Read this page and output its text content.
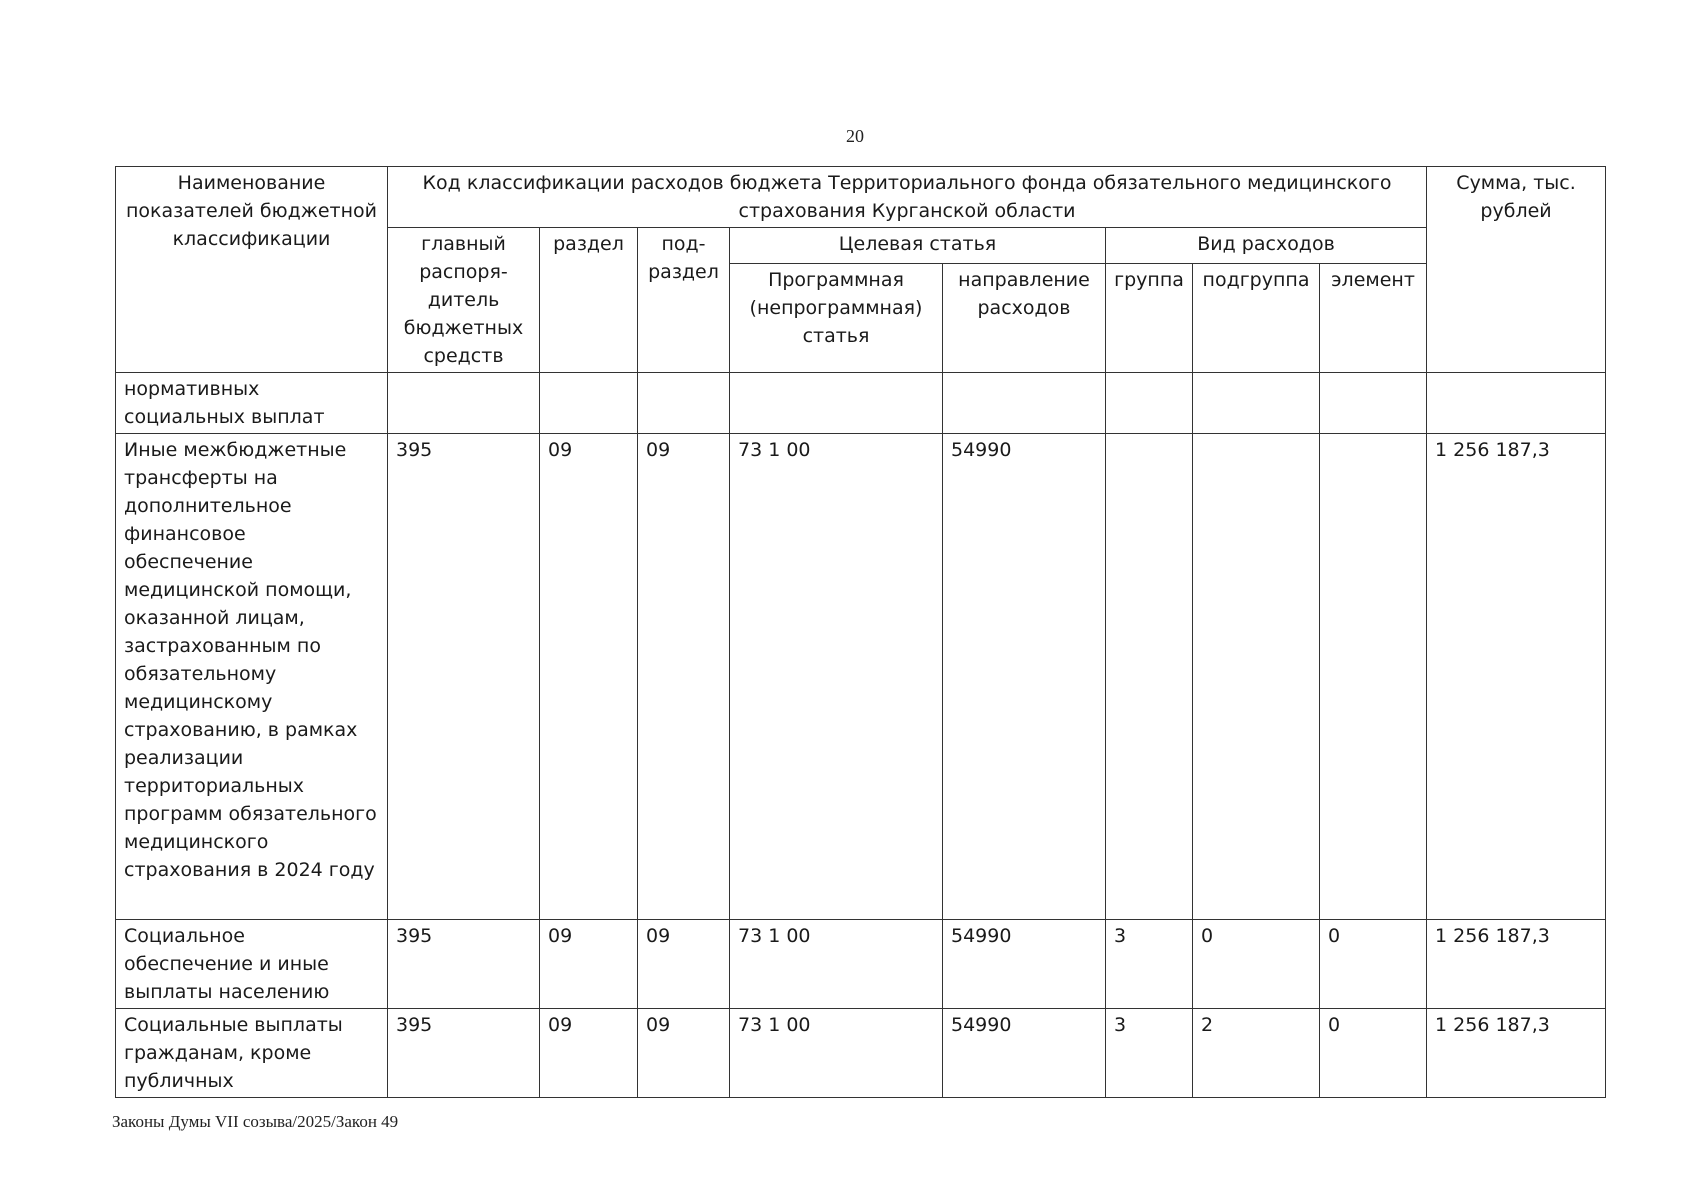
20
Наименование показателей бюджетной классификации	Код классификации расходов бюджета Территориального фонда обязательного медицинского страхования Курганской области								Сумма, тыс. рублей
	главный распоря-дитель бюджетных средств	раздел	под-раздел	Целевая статья		Вид расходов			
				Программная (непрограммная) статья	направление расходов	группа	подгруппа	элемент	
нормативных социальных выплат									
Иные межбюджетные трансферты на дополнительное финансовое обеспечение медицинской помощи, оказанной лицам, застрахованным по обязательному медицинскому страхованию, в рамках реализации территориальных программ обязательного медицинского страхования в 2024 году	395	09	09	73 1 00	54990				1 256 187,3
Социальное обеспечение и иные выплаты населению	395	09	09	73 1 00	54990	3	0	0	1 256 187,3
Социальные выплаты гражданам, кроме публичных	395	09	09	73 1 00	54990	3	2	0	1 256 187,3
Законы Думы VII созыва/2025/Закон 49
